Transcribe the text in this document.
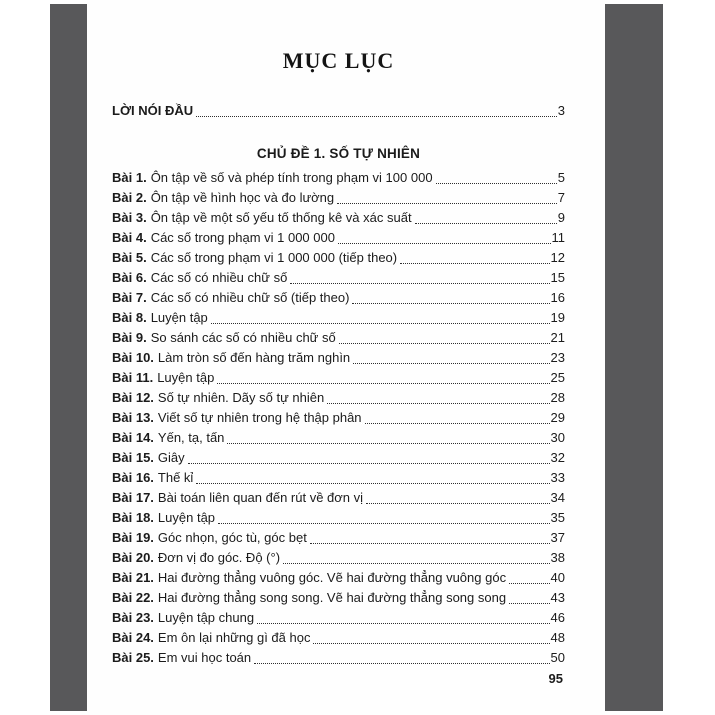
MỤC LỤC
LỜI NÓI ĐẦU	3
CHỦ ĐỀ 1. SỐ TỰ NHIÊN
Bài 1. Ôn tập về số và phép tính trong phạm vi 100 000	5
Bài 2. Ôn tập về hình học và đo lường	7
Bài 3. Ôn tập về một số yếu tố thống kê và xác suất	9
Bài 4. Các số trong phạm vi 1 000 000	11
Bài 5. Các số trong phạm vi 1 000 000 (tiếp theo)	12
Bài 6. Các số có nhiều chữ số	15
Bài 7. Các số có nhiều chữ số (tiếp theo)	16
Bài 8. Luyện tập	19
Bài 9. So sánh các số có nhiều chữ số	21
Bài 10. Làm tròn số đến hàng trăm nghìn	23
Bài 11. Luyện tập	25
Bài 12. Số tự nhiên. Dãy số tự nhiên	28
Bài 13. Viết số tự nhiên trong hệ thập phân	29
Bài 14. Yến, tạ, tấn	30
Bài 15. Giây	32
Bài 16. Thế kỉ	33
Bài 17. Bài toán liên quan đến rút về đơn vị	34
Bài 18. Luyện tập	35
Bài 19. Góc nhọn, góc tù, góc bẹt	37
Bài 20. Đơn vị đo góc. Độ (°)	38
Bài 21. Hai đường thẳng vuông góc. Vẽ hai đường thẳng vuông góc	40
Bài 22. Hai đường thẳng song song. Vẽ hai đường thẳng song song	43
Bài 23. Luyện tập chung	46
Bài 24. Em ôn lại những gì đã học	48
Bài 25. Em vui học toán	50
95
